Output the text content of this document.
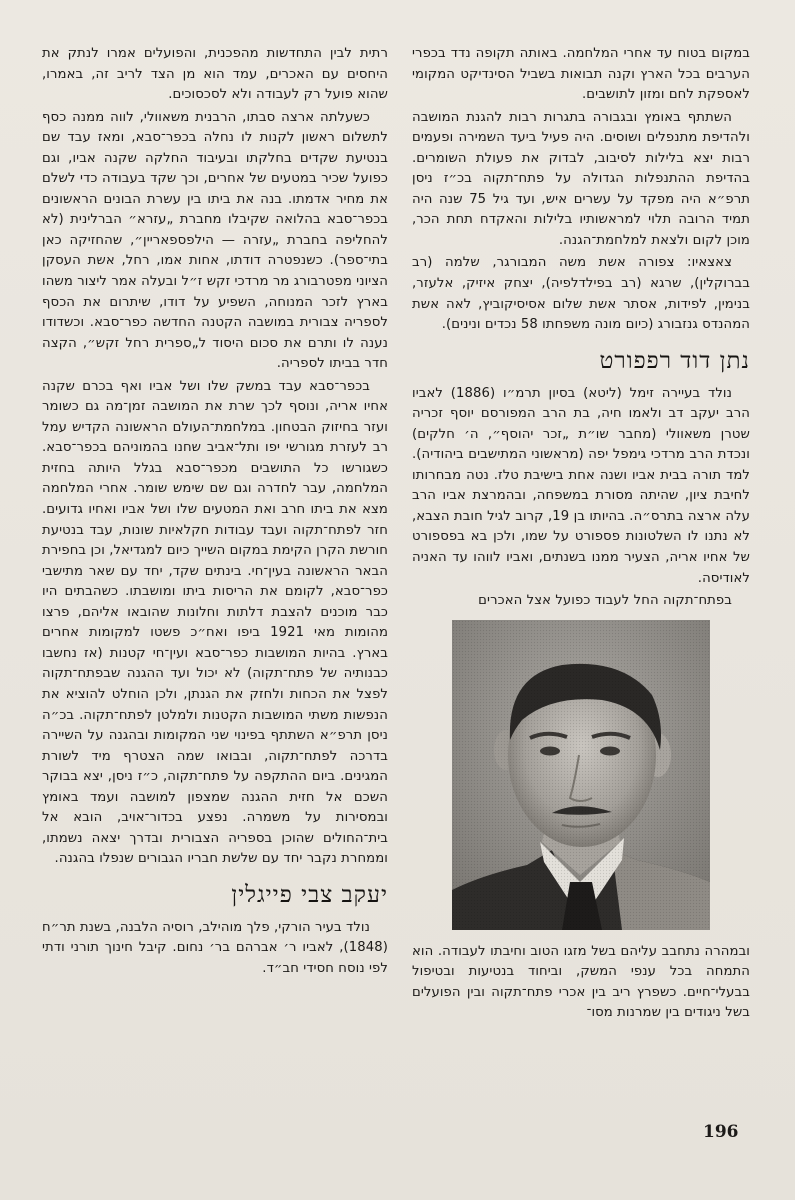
במקום בטוח עד אחרי המלחמה. באותה תקופה נדד בכפרי הערבים בכל הארץ וקנה תבואות בשביל הסינדיקט המקומי לאספקת לחם ומזון לתושבים.

השתתף באומץ ובגבורה בתגרות רבות להגנת המושבה ולהדיפת מתנפלים ושוסים. היה פעיל ביעד השמירה ופעמים רבות יצא בלילות לסיבוב, לבדוק את פעולת השומרים. בהדיפת ההתנפלות הגדולה על פתח־תקוה בכ״ז ניסן תרפ״א היה מפקד על עשרים איש, ועד גיל 75 שנה היה תמיד הרובה תלוי למראשותיו בלילות והאקדח תחת הכר, מוכן לקום ולצאת למלחמת־הגנה.

צאצאיו: צפורה אשת משה המבורגר, שלמה (רב בברוקלין), שרגא (רב בפילדלפיה), יצחק איזיק, אלעזר, בנימין, לפידות, אסתר אשת שלום אסיסיקוביץ, לאה אשת המהנדס גנזבורג (כיום מונה משפחתו 58 נכדים ונינים).

נתן דוד רפפורט

נולד בעיירה זימל (ליטא) בסיון תרמ״ו (1886) לאביו הרב יעקב דב ולאמו חיה, בת הרב המפורסם יוסף זכריה שטרן משאוולי (מחבר שו״ת „זכר יהוסף״, ה׳ חלקים) ונכדת הרב מרדכי גימפל יפה (מראשוני המתישבים ביהודיה). למד תורה בבית אביו ושנה אחת בישיבת טלז. נטה מבחרותו לחיבת ציון, שהיתה מסורת במשפחה, ובהמרצת אביו הרב עלה ארצה בתרס״ה. בהיותו בן 19, קרוב לגיל חובת הצבא, לא נתנו לו השלטונות פספורט על שמו, ולכן בא בפספורט של אחיו אריה, הצעיר ממנו בשנתים, ואביו לווהו עד האניה לאודיסה.

בפתח־תקוה החל לעבוד כפועל אצל האכרים

ובמהרה נתחבב עליהם בשל מזגו הטוב וחיבתו לעבודה. הוא התמחה בכל ענפי המשק, וביחוד בנטיעות ובטיפול בבעלי־חיים. כשפרץ ריב בין אכרי פתח־תקוה ובין הפועלים בשל ניגודים בין שמרנות מסו־

רתית לבין התחדשות מהפכנית, והפועלים אמרו לנתק את היחסים עם האכרים, עמד הוא מן הצד לריב זה, באמרו, שהוא פועל רק לעבודה ולא לסכסוכים.

כשעלתה ארצה סבתו, הרבנית משאוולי, לווה ממנה כסף לתשלום ראשון לקנות לו נחלה בכפר־סבא, ומאז עבד שם בנטיעת שקדים בחלקתו ובעיבוד החלקה שקנה אביו, וגם כפועל שכיר במטעים של אחרים, וכך שקד בעבודה כדי לשלם את מחיר אדמתו. בנה את ביתו בין עשרת הבונים הראשונים בכפר־סבא בהלואה שקיבלו מחברת „עזרא״ הברלינית (לא להחליפה בחברת „עזרה — הילפספאריין״, שהחזיקה כאן בתי־ספר). כשנפטרה דודתו, אחות אמו, רחל, אשת העסקן הציוני מפטרבורג מר מרדכי זקש ז״ל ובעלה אמר ליצור משהו בארץ לזכר המנוחה, השפיע על דודו, שיתרום את הכסף לספריה צבורית במושבה הקטנה החדשה כפר־סבא. וכשדודו נענה לו ותרם את סכום היסוד ל„ספרית רחל זקש״, הקצה חדר בביתו לספריה.

בכפר־סבא עבד במשק שלו ושל אביו ואף בכרם שקנה אחיו אריה, ונוסף לכך שרת את המושבה זמן־מה גם כשומר ועזר בחיזוק הבטחון. במלחמת־העולם הראשונה הקדיש עמל רב לעזרת מגורשי יפו ותל־אביב שחנו בהמוניהם בכפר־סבא. כשגורשו כל התושבים מכפר־סבא בגלל היותה בחזית המלחמה, עבר לחדרה וגם שם שימש שומר. אחרי המלחמה מצא את ביתו חרב ואת המטעים שלו ושל אביו ואחיו גדועים. חזר לפתח־תקוה ועבד עבודות חקלאיות שונות, עבד בנטיעת חורשת הקרן הקימת במקום השייך כיום למגדיאל, וכן בחפירת הבאר הראשונה בעין־חי. בינתים שקד, יחד עם שאר מתישבי כפר־סבא, לקומם את הריסות ביתו ומושבתו. כשהבתים היו כבר מוכנים להצבת דלתות וחלונות שהובאו אליהם, פרצו מהומות מאי 1921 ביפו ואח״כ פשטו למקומות אחרים בארץ. בהיות המושבות כפר־סבא ועין־חי קטנות (אז נחשבו כבנותיה של פתח־תקוה) לא יכול ועד ההגנה שבפתח־תקוה לפצל את הכחות ולחזק את הגנתן, ולכן הוחלט להוציא את הנפשות משתי המושבות הקטנות ולמלטן לפתח־תקוה. בכ״ה ניסן תרפ״א השתתף בפינוי שני המקומות ובהגנה על השיירה בדרכה לפתח־תקוה, ובבואו שמה הצטרף מיד לשורת המגינים. ביום ההתקפה על פתח־תקוה, כ״ז ניסן, יצא בבוקר השכם אל חזית ההגנה שמצפון למושבה ועמד באומץ ובמסירות על משמרה. נפצע בכדור־אויב, הובא אל בית־החולים שהוכן בספריה הצבורית ובדרך יצאה נשמתו, וממחרת נקבר יחד עם שלשת חבריו הגבורים שנפלו בהגנה.

יעקב צבי פייגלין

נולד בעיר הורקי, פלך מוהילב, רוסיה הלבנה, בשנת תר״ח (1848), לאביו ר׳ אברהם בר׳ נחום. קיבל חינוך תורני ודתי לפי נוסח חסידי חב״ד.

196
